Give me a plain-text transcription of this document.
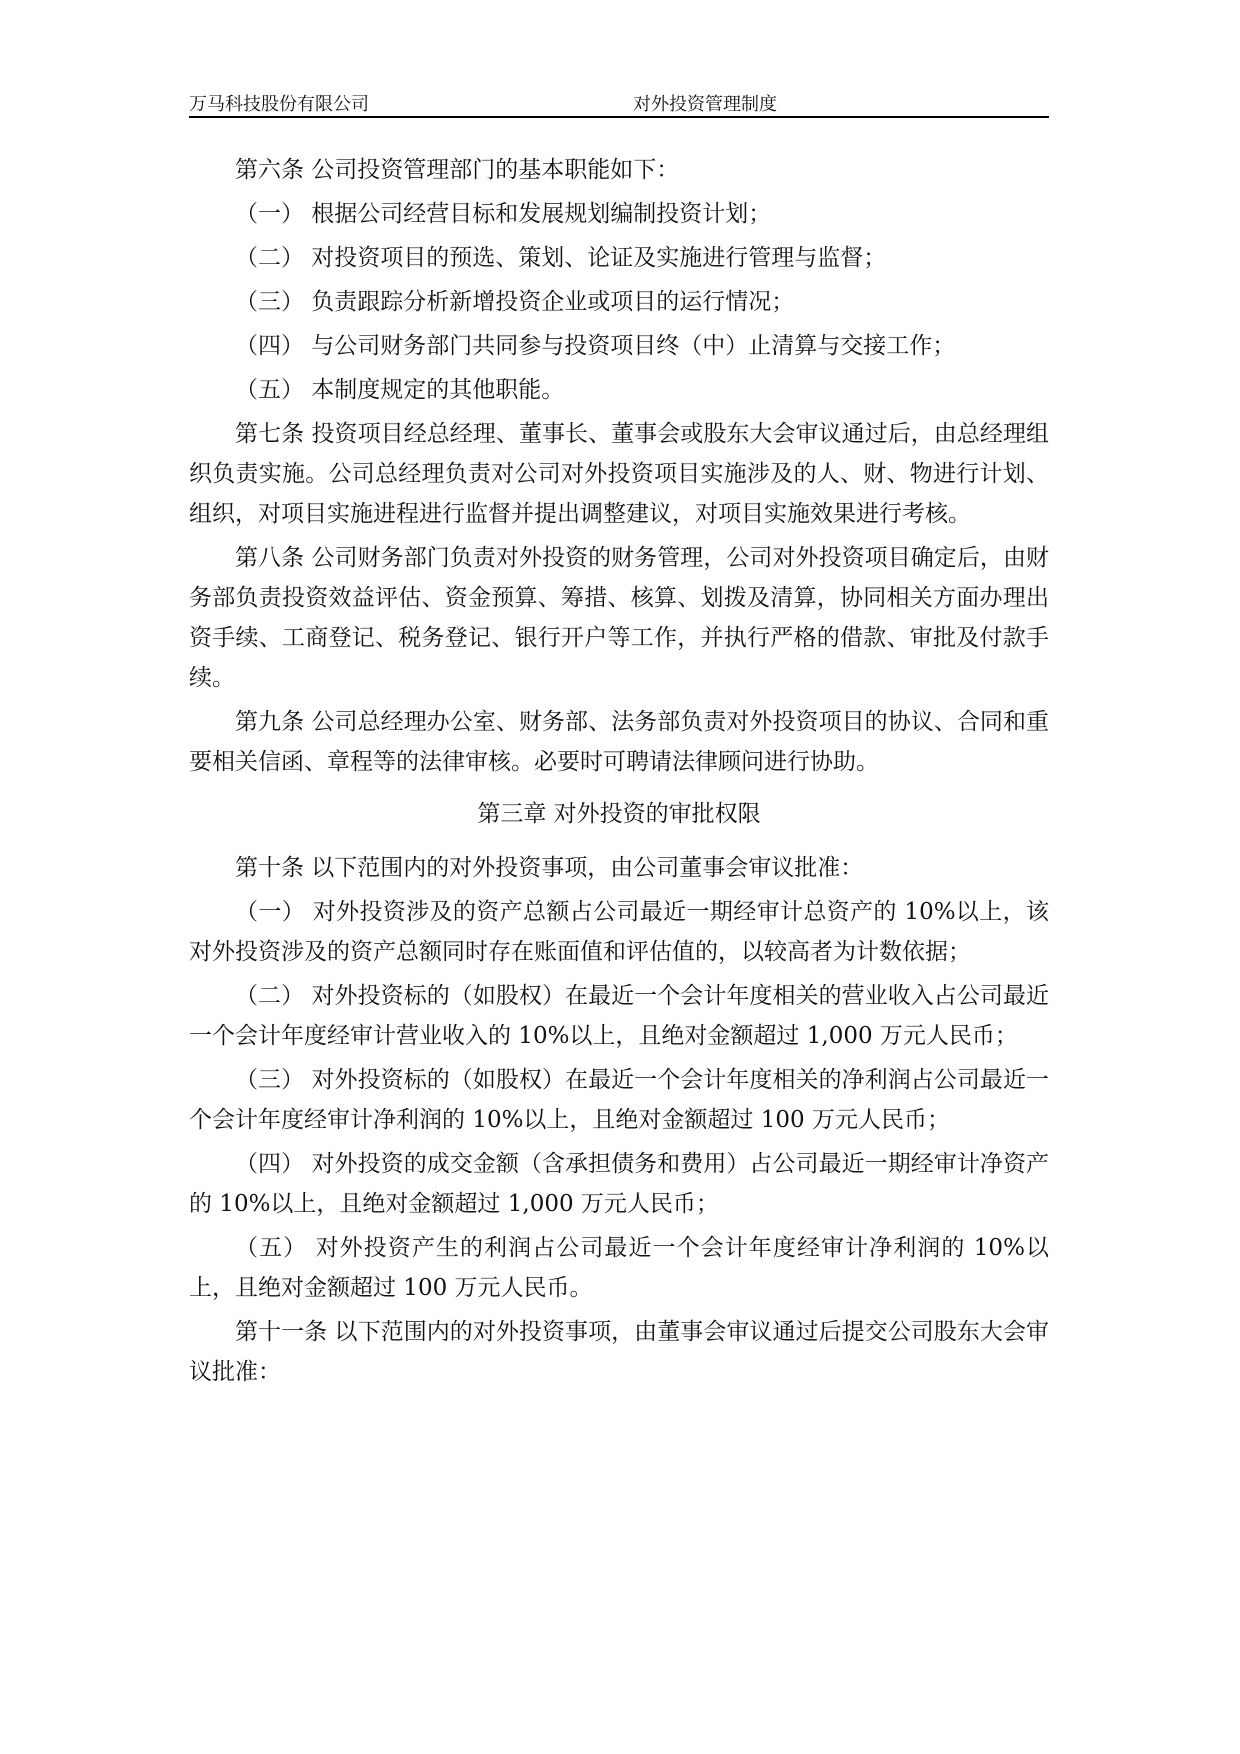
万马科技股份有限公司	对外投资管理制度

第六条 公司投资管理部门的基本职能如下：

（一） 根据公司经营目标和发展规划编制投资计划；

（二） 对投资项目的预选、策划、论证及实施进行管理与监督；

（三） 负责跟踪分析新增投资企业或项目的运行情况；

（四） 与公司财务部门共同参与投资项目终（中）止清算与交接工作；

（五） 本制度规定的其他职能。

第七条 投资项目经总经理、董事长、董事会或股东大会审议通过后，由总经理组织负责实施。公司总经理负责对公司对外投资项目实施涉及的人、财、物进行计划、组织，对项目实施进程进行监督并提出调整建议，对项目实施效果进行考核。

第八条 公司财务部门负责对外投资的财务管理，公司对外投资项目确定后，由财务部负责投资效益评估、资金预算、筹措、核算、划拨及清算，协同相关方面办理出资手续、工商登记、税务登记、银行开户等工作，并执行严格的借款、审批及付款手续。

第九条 公司总经理办公室、财务部、法务部负责对外投资项目的协议、合同和重要相关信函、章程等的法律审核。必要时可聘请法律顾问进行协助。

第三章 对外投资的审批权限

第十条 以下范围内的对外投资事项，由公司董事会审议批准：

（一） 对外投资涉及的资产总额占公司最近一期经审计总资产的 10%以上，该对外投资涉及的资产总额同时存在账面值和评估值的，以较高者为计数依据；

（二） 对外投资标的（如股权）在最近一个会计年度相关的营业收入占公司最近一个会计年度经审计营业收入的 10%以上，且绝对金额超过 1,000 万元人民币；

（三） 对外投资标的（如股权）在最近一个会计年度相关的净利润占公司最近一个会计年度经审计净利润的 10%以上，且绝对金额超过 100 万元人民币；

（四） 对外投资的成交金额（含承担债务和费用）占公司最近一期经审计净资产的 10%以上，且绝对金额超过 1,000 万元人民币；

（五） 对外投资产生的利润占公司最近一个会计年度经审计净利润的 10%以上，且绝对金额超过 100 万元人民币。

第十一条 以下范围内的对外投资事项，由董事会审议通过后提交公司股东大会审议批准：
